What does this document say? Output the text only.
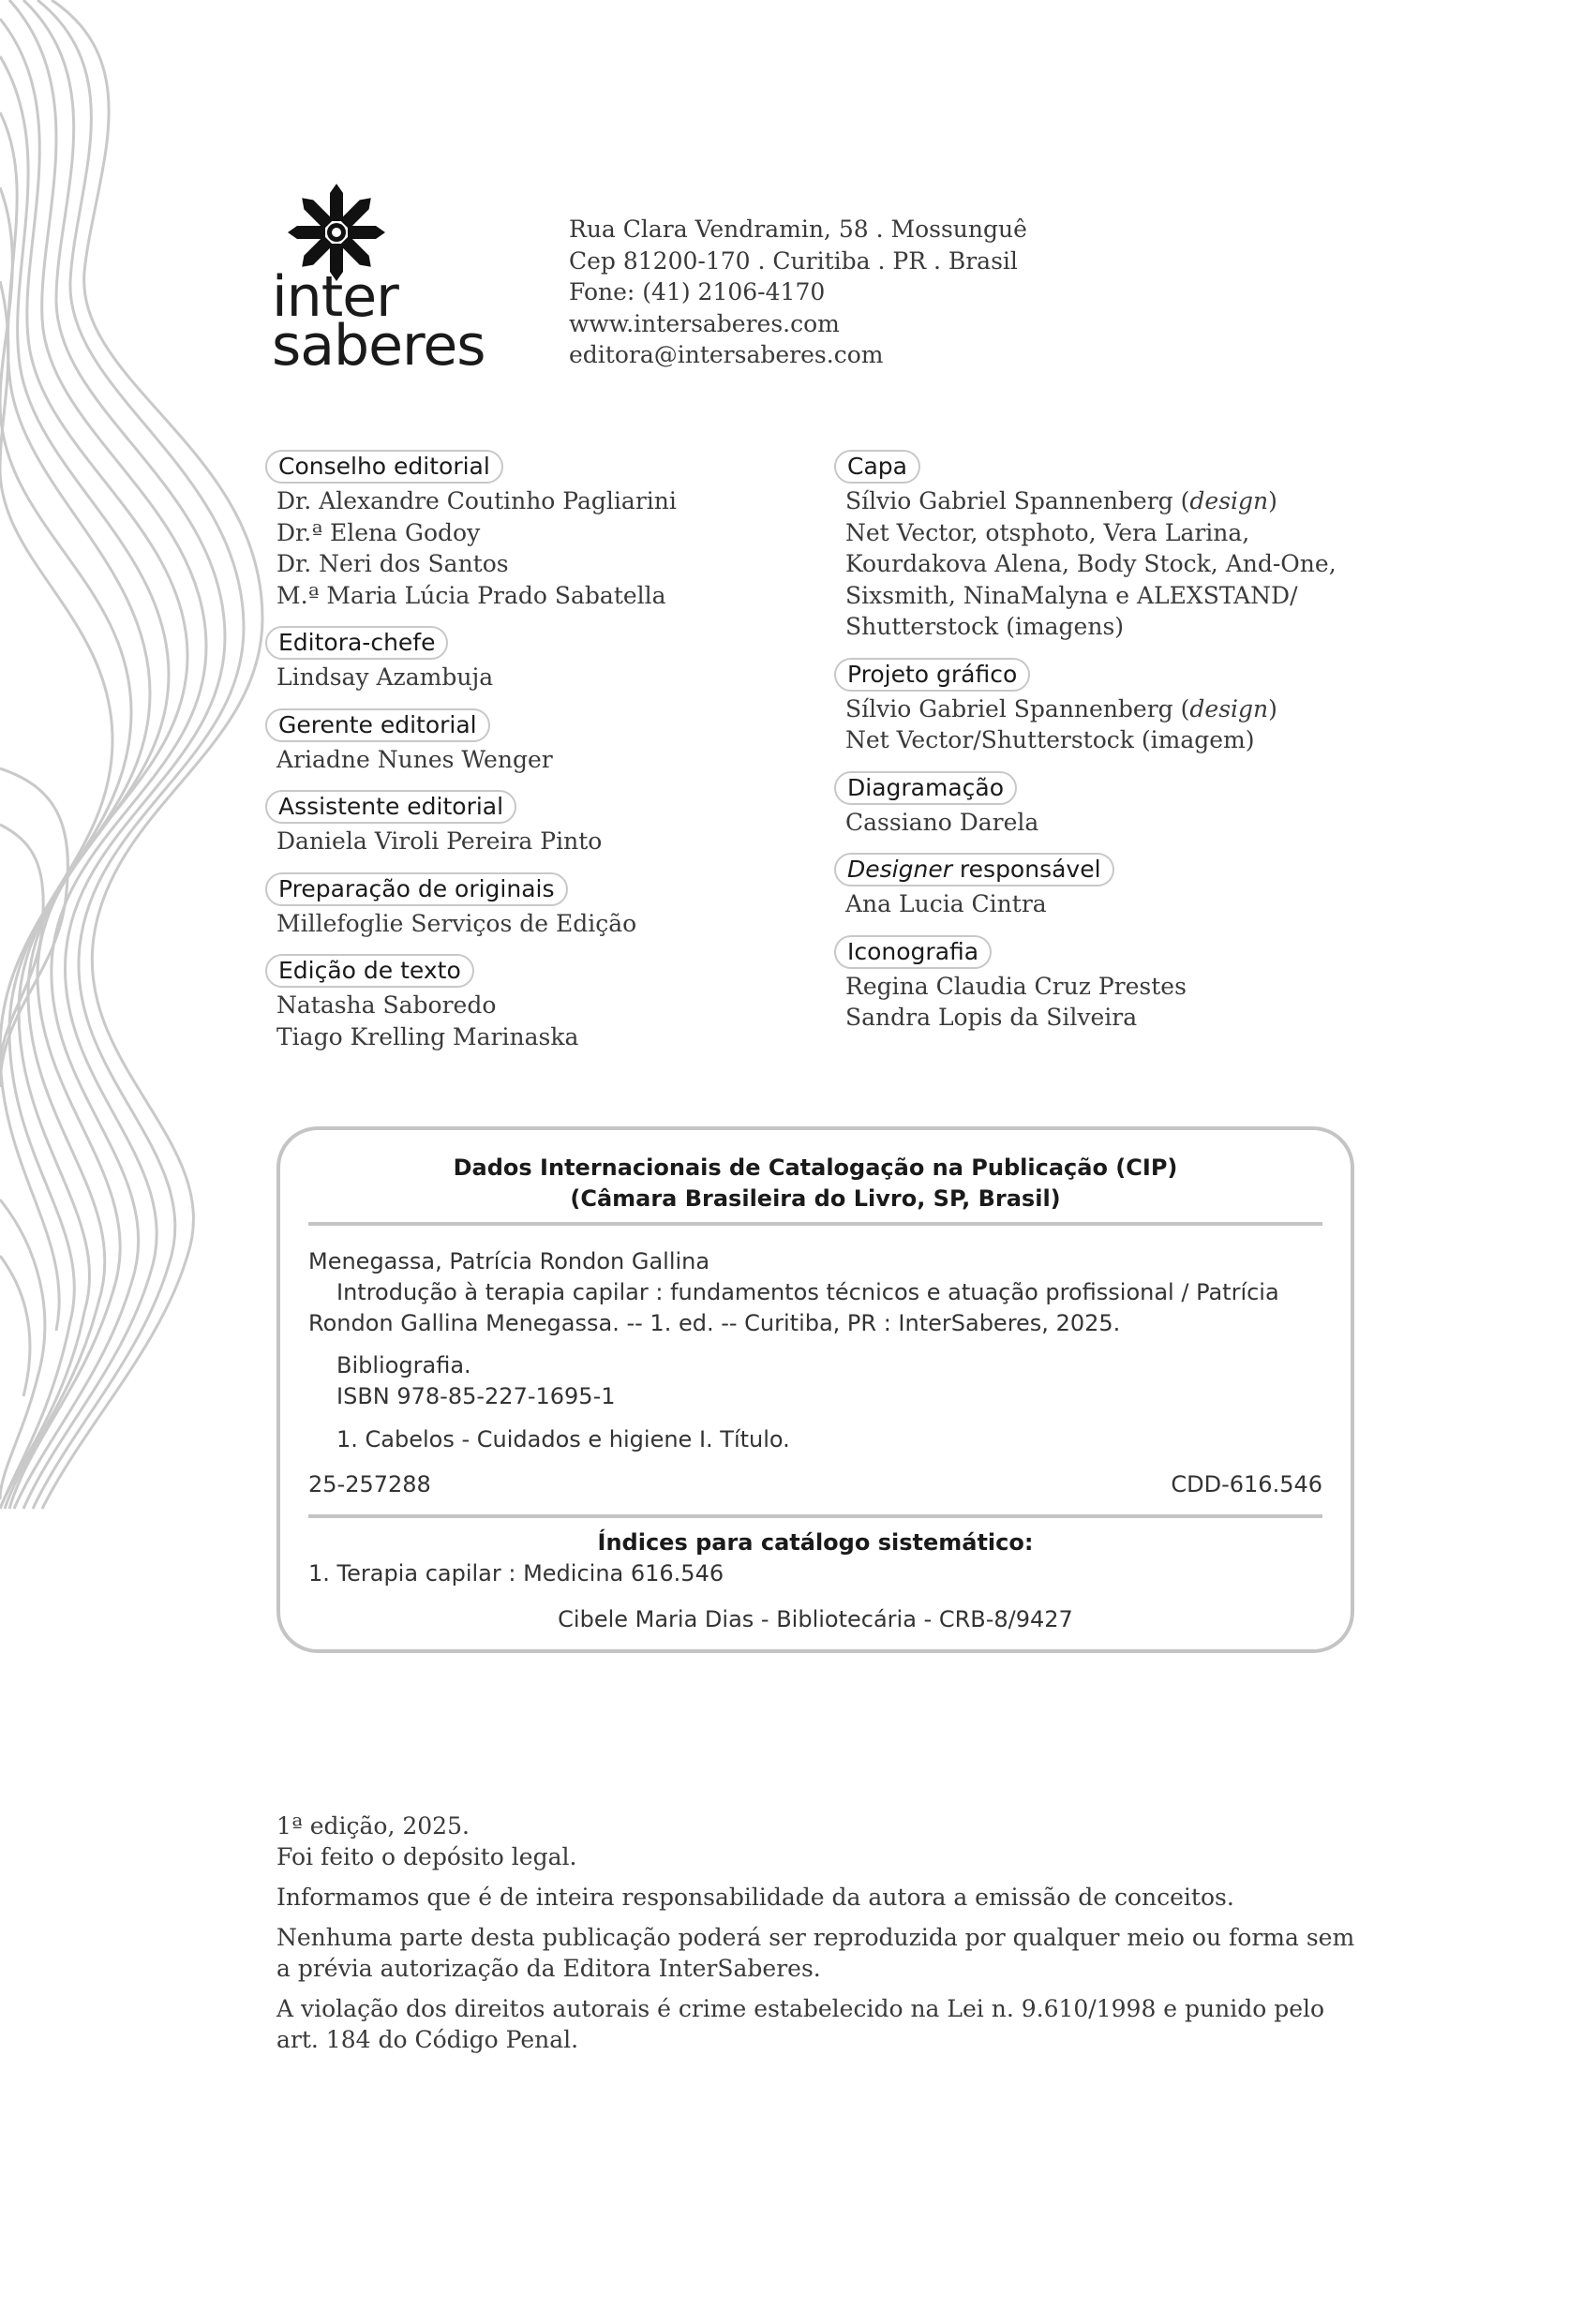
inter
saberes
Rua Clara Vendramin, 58 . Mossunguê
Cep 81200-170 . Curitiba . PR . Brasil
Fone: (41) 2106-4170
www.intersaberes.com
editora@intersaberes.com
Conselho editorial
Dr. Alexandre Coutinho Pagliarini
Dr.ª Elena Godoy
Dr. Neri dos Santos
M.ª Maria Lúcia Prado Sabatella
Editora-chefe
Lindsay Azambuja
Gerente editorial
Ariadne Nunes Wenger
Assistente editorial
Daniela Viroli Pereira Pinto
Preparação de originais
Millefoglie Serviços de Edição
Edição de texto
Natasha Saboredo
Tiago Krelling Marinaska
Capa
Sílvio Gabriel Spannenberg (design)
Net Vector, otsphoto, Vera Larina,
Kourdakova Alena, Body Stock, And-One,
Sixsmith, NinaMalyna e ALEXSTAND/
Shutterstock (imagens)
Projeto gráfico
Sílvio Gabriel Spannenberg (design)
Net Vector/Shutterstock (imagem)
Diagramação
Cassiano Darela
Designer responsável
Ana Lucia Cintra
Iconografia
Regina Claudia Cruz Prestes
Sandra Lopis da Silveira
Dados Internacionais de Catalogação na Publicação (CIP)
(Câmara Brasileira do Livro, SP, Brasil)
Menegassa, Patrícia Rondon Gallina
Introdução à terapia capilar : fundamentos técnicos e atuação profissional / Patrícia
Rondon Gallina Menegassa. -- 1. ed. -- Curitiba, PR : InterSaberes, 2025.
Bibliografia.
ISBN 978-85-227-1695-1
1. Cabelos - Cuidados e higiene I. Título.
25-257288	CDD-616.546
Índices para catálogo sistemático:
1. Terapia capilar : Medicina 616.546
Cibele Maria Dias - Bibliotecária - CRB-8/9427

1ª edição, 2025.
Foi feito o depósito legal.

Informamos que é de inteira responsabilidade da autora a emissão de conceitos.

Nenhuma parte desta publicação poderá ser reproduzida por qualquer meio ou forma sem
a prévia autorização da Editora InterSaberes.

A violação dos direitos autorais é crime estabelecido na Lei n. 9.610/1998 e punido pelo
art. 184 do Código Penal.
